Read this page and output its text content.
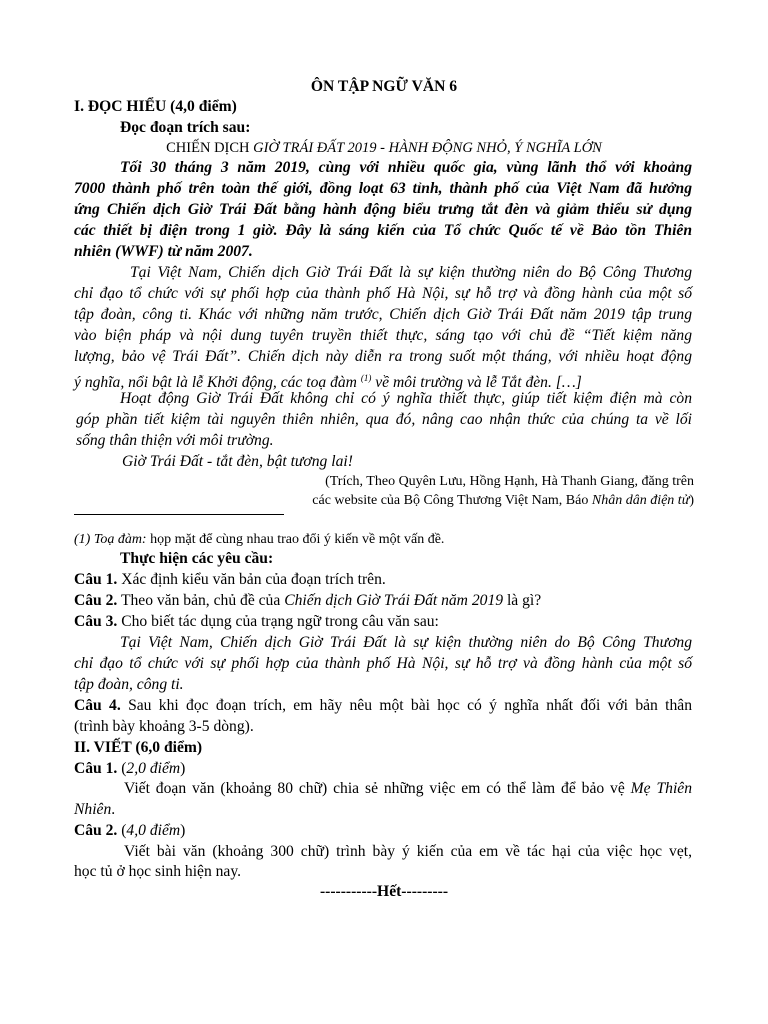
ÔN TẬP NGỮ VĂN 6
I. ĐỌC HIỂU (4,0 điểm)
Đọc đoạn trích sau:
CHIẾN DỊCH GIỜ TRÁI ĐẤT 2019 - HÀNH ĐỘNG NHỎ, Ý NGHĨA LỚN
Tối 30 tháng 3 năm 2019, cùng với nhiều quốc gia, vùng lãnh thổ với khoảng
7000 thành phố trên toàn thế giới, đồng loạt 63 tỉnh, thành phố của Việt Nam đã hưởng
ứng Chiến dịch Giờ Trái Đất bằng hành động biểu trưng tắt đèn và giảm thiểu sử dụng
các thiết bị điện trong 1 giờ. Đây là sáng kiến của Tổ chức Quốc tế về Bảo tồn Thiên
nhiên (WWF) từ năm 2007.
Tại Việt Nam, Chiến dịch Giờ Trái Đất là sự kiện thường niên do Bộ Công Thương
chỉ đạo tổ chức với sự phối hợp của thành phố Hà Nội, sự hỗ trợ và đồng hành của một số
tập đoàn, công ti. Khác với những năm trước, Chiến dịch Giờ Trái Đất năm 2019 tập trung
vào biện pháp và nội dung tuyên truyền thiết thực, sáng tạo với chủ đề “Tiết kiệm năng
lượng, bảo vệ Trái Đất”. Chiến dịch này diễn ra trong suốt một tháng, với nhiều hoạt động
ý nghĩa, nổi bật là lễ Khởi động, các toạ đàm $^{(1)}$ về môi trường và lễ Tắt đèn. […]
Hoạt động Giờ Trái Đất không chỉ có ý nghĩa thiết thực, giúp tiết kiệm điện mà còn
góp phần tiết kiệm tài nguyên thiên nhiên, qua đó, nâng cao nhận thức của chúng ta về lối
sống thân thiện với môi trường.
Giờ Trái Đất - tắt đèn, bật tương lai!
(Trích, Theo Quyên Lưu, Hồng Hạnh, Hà Thanh Giang, đăng trên
các website của Bộ Công Thương Việt Nam, Báo Nhân dân điện tử)
(1) Toạ đàm: họp mặt để cùng nhau trao đổi ý kiến về một vấn đề.
Thực hiện các yêu cầu:
Câu 1. Xác định kiểu văn bản của đoạn trích trên.
Câu 2. Theo văn bản, chủ đề của Chiến dịch Giờ Trái Đất năm 2019 là gì?
Câu 3. Cho biết tác dụng của trạng ngữ trong câu văn sau:
Tại Việt Nam, Chiến dịch Giờ Trái Đất là sự kiện thường niên do Bộ Công Thương
chỉ đạo tổ chức với sự phối hợp của thành phố Hà Nội, sự hỗ trợ và đồng hành của một số
tập đoàn, công ti.
Câu 4. Sau khi đọc đoạn trích, em hãy nêu một bài học có ý nghĩa nhất đối với bản thân
(trình bày khoảng 3-5 dòng).
II. VIẾT (6,0 điểm)
Câu 1. (2,0 điểm)
Viết đoạn văn (khoảng 80 chữ) chia sẻ những việc em có thể làm để bảo vệ Mẹ Thiên
Nhiên.
Câu 2. (4,0 điểm)
Viết bài văn (khoảng 300 chữ) trình bày ý kiến của em về tác hại của việc học vẹt,
học tủ ở học sinh hiện nay.
-----------Hết---------
